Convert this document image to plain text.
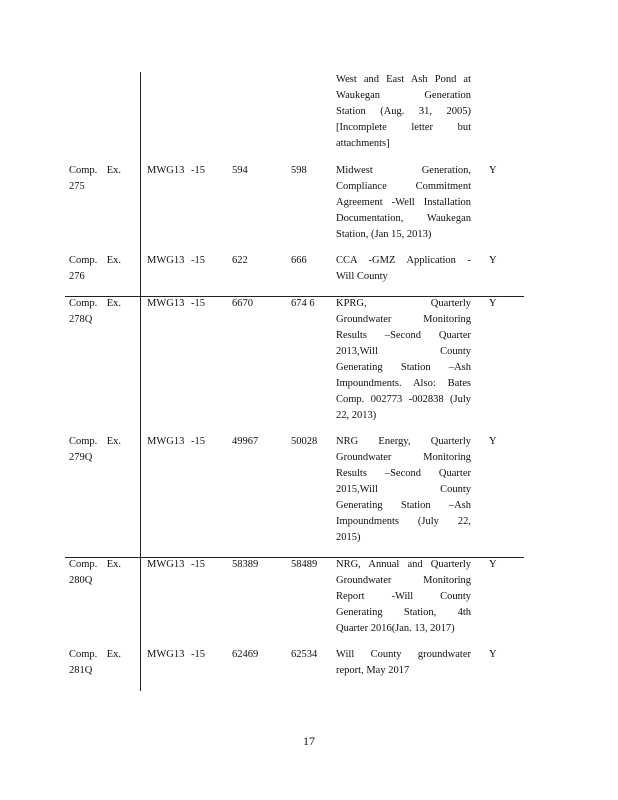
West and East Ash Pond at
Waukegan Generation
Station (Aug. 31, 2005)
[Incomplete letter but
attachments]
Comp. Ex.
275
MWG13 -15	594	598	Midwest Generation,
Compliance Commitment
Agreement -Well Installation
Documentation, Waukegan
Station, (Jan 15, 2013)
Y
Comp. Ex.
276
MWG13 -15	622	666	CCA -GMZ Application -
Will County
Y
Comp. Ex.
278Q
MWG13 -15	6670	674 6	KPRG, Quarterly
Groundwater Monitoring
Results –Second Quarter
2013,Will County
Generating Station –Ash
Impoundments. Also: Bates
Comp. 002773 -002838 (July
22, 2013)
Y
Comp. Ex.
279Q
MWG13 -15	49967	50028	NRG Energy, Quarterly
Groundwater Monitoring
Results –Second Quarter
2015,Will County
Generating Station –Ash
Impoundments (July 22,
2015)
Y
Comp. Ex.
280Q
MWG13 -15	58389	58489	NRG, Annual and Quarterly
Groundwater Monitoring
Report -Will County
Generating Station, 4th
Quarter 2016(Jan. 13, 2017)
Y
Comp. Ex.
281Q
MWG13 -15	62469	62534	Will County groundwater
report, May 2017
Y
17
